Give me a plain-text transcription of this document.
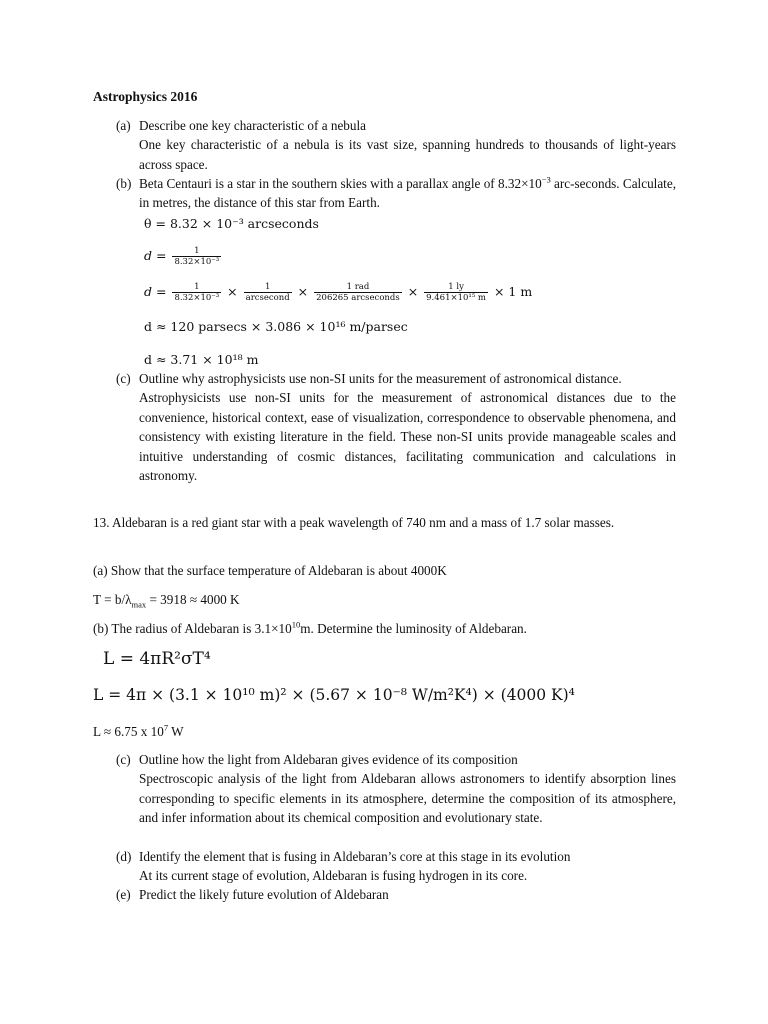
Astrophysics 2016
(a) Describe one key characteristic of a nebula
One key characteristic of a nebula is its vast size, spanning hundreds to thousands of light-years across space.
(b) Beta Centauri is a star in the southern skies with a parallax angle of $8.32\times 10^{-3}$ arc-seconds. Calculate, in metres, the distance of this star from Earth.
θ = 8.32 × 10⁻³ arcseconds
$d = \frac{1}{\text{8.32×10⁻³}}$
$d = \frac{1}{\text{8.32×10⁻³}} \times \frac{1}{\text{arcsecond}} \times \frac{\text{1 rad}}{\text{206265 arcseconds}} \times \frac{1 ly}{\text{9.461×10¹⁵ m}} \times 1$ m
d ≈ 120 parsecs × 3.086 × 10¹⁶ m/parsec
d ≈ 3.71 × 10¹⁸ m
(c) Outline why astrophysicists use non-SI units for the measurement of astronomical distance.
Astrophysicists use non-SI units for the measurement of astronomical distances due to the convenience, historical context, ease of visualization, correspondence to observable phenomena, and consistency with existing literature in the field. These non-SI units provide manageable scales and intuitive understanding of cosmic distances, facilitating communication and calculations in astronomy.
13. Aldebaran is a red giant star with a peak wavelength of 740 nm and a mass of 1.7 solar masses.
(a) Show that the surface temperature of Aldebaran is about 4000K
$T = b/\lambda_{max} = 3918 \approx 4000$ K
(b) The radius of Aldebaran is $3.1\times 10^{10}m$. Determine the luminosity of Aldebaran.
L = 4πR²σT⁴
L = 4π × (3.1 × 10¹⁰ m)² × (5.67 × 10⁻⁸ W/m²K⁴) × (4000 K)⁴
L ≈ 6.75 x $10^7$ W
(c) Outline how the light from Aldebaran gives evidence of its composition
Spectroscopic analysis of the light from Aldebaran allows astronomers to identify absorption lines corresponding to specific elements in its atmosphere, determine the composition of its atmosphere, and infer information about its chemical composition and evolutionary state.
(d) Identify the element that is fusing in Aldebaran’s core at this stage in its evolution
At its current stage of evolution, Aldebaran is fusing hydrogen in its core.
(e) Predict the likely future evolution of Aldebaran
